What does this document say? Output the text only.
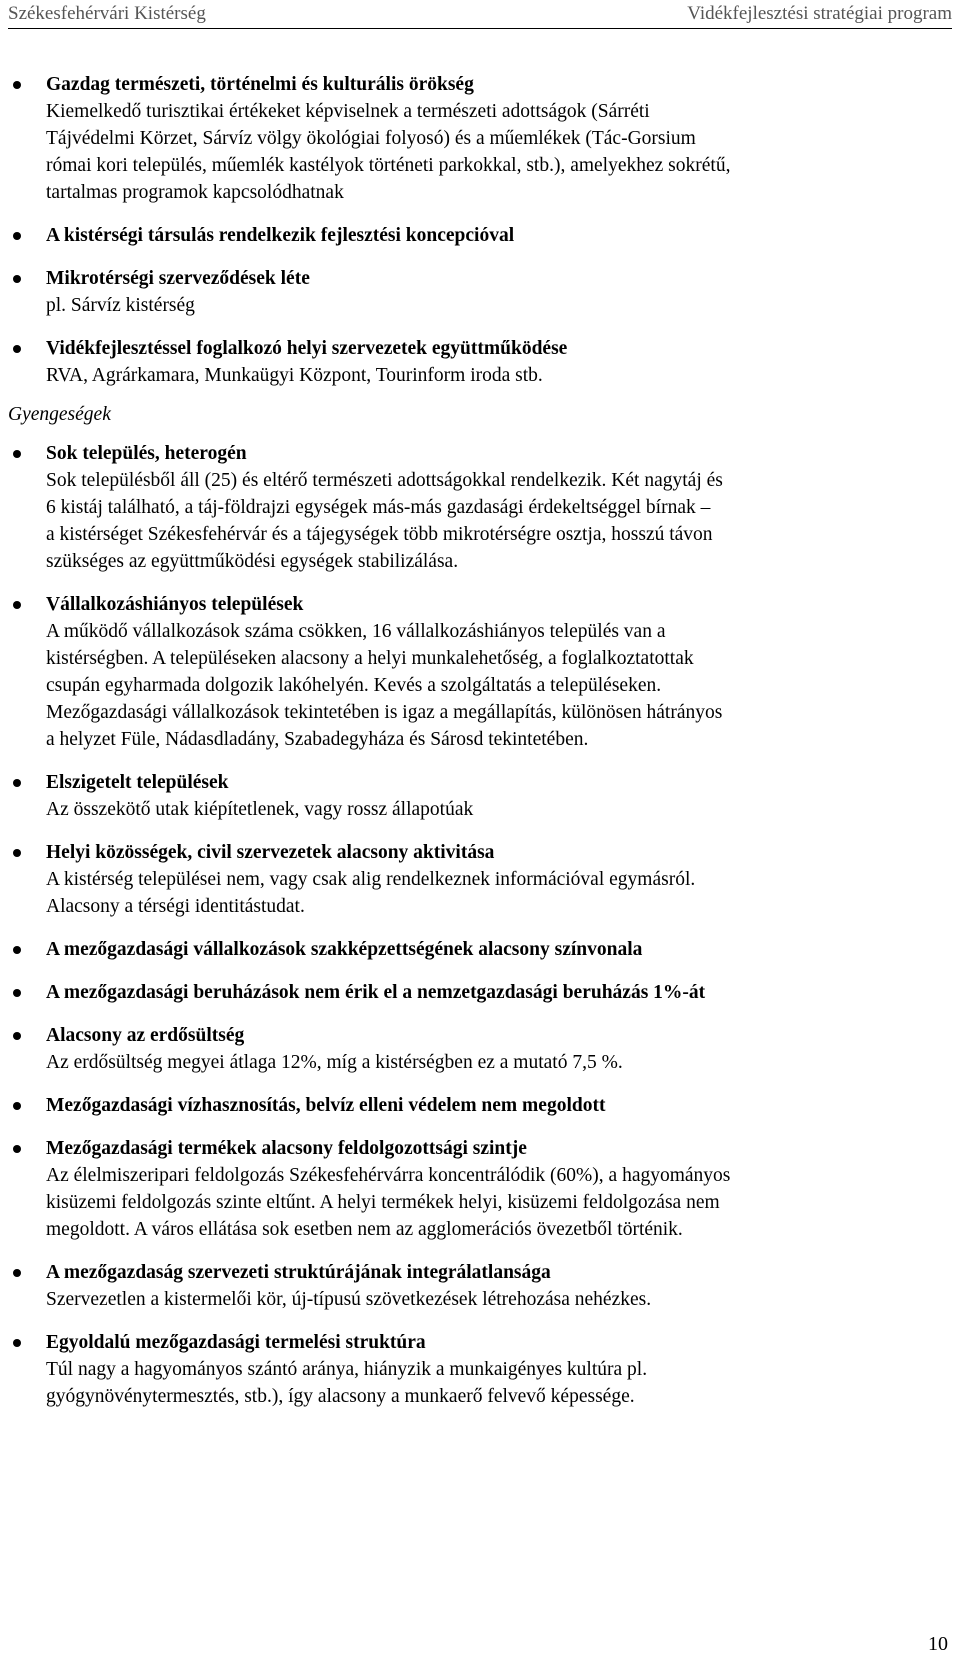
Székesfehérvári Kistérség	Vidékfejlesztési stratégiai program
Gazdag természeti, történelmi és kulturális örökség
Kiemelkedő turisztikai értékeket képviselnek a természeti adottságok (Sárréti
Tájvédelmi Körzet, Sárvíz völgy ökológiai folyosó) és a műemlékek (Tác-Gorsium
római kori település, műemlék kastélyok történeti parkokkal, stb.), amelyekhez sokrétű,
tartalmas programok kapcsolódhatnak
A kistérségi társulás rendelkezik fejlesztési koncepcióval
Mikrotérségi szerveződések léte
pl. Sárvíz kistérség
Vidékfejlesztéssel foglalkozó helyi szervezetek együttműködése
RVA, Agrárkamara, Munkaügyi Központ, Tourinform iroda stb.
Gyengeségek
Sok település, heterogén
Sok településből áll (25) és eltérő természeti adottságokkal rendelkezik. Két nagytáj és
6 kistáj található, a táj-földrajzi egységek más-más gazdasági érdekeltséggel bírnak –
a kistérséget Székesfehérvár és a tájegységek több mikrotérségre osztja, hosszú távon
szükséges az együttműködési egységek stabilizálása.
Vállalkozáshiányos települések
A működő vállalkozások száma csökken, 16 vállalkozáshiányos település van a
kistérségben. A településeken alacsony a helyi munkalehetőség, a foglalkoztatottak
csupán egyharmada dolgozik lakóhelyén. Kevés a szolgáltatás a településeken.
Mezőgazdasági vállalkozások tekintetében is igaz a megállapítás, különösen hátrányos
a helyzet Füle, Nádasdladány, Szabadegyháza és Sárosd tekintetében.
Elszigetelt települések
Az összekötő utak kiépítetlenek, vagy rossz állapotúak
Helyi közösségek, civil szervezetek alacsony aktivitása
A kistérség települései nem, vagy csak alig rendelkeznek információval egymásról.
Alacsony a térségi identitástudat.
A mezőgazdasági vállalkozások szakképzettségének alacsony színvonala
A mezőgazdasági beruházások nem érik el a nemzetgazdasági beruházás 1%-át
Alacsony az erdősültség
Az erdősültség megyei átlaga 12%, míg a kistérségben ez a mutató 7,5 %.
Mezőgazdasági vízhasznosítás, belvíz elleni védelem nem megoldott
Mezőgazdasági termékek alacsony feldolgozottsági szintje
Az élelmiszeripari feldolgozás Székesfehérvárra koncentrálódik (60%), a hagyományos
kisüzemi feldolgozás szinte eltűnt. A helyi termékek helyi, kisüzemi feldolgozása nem
megoldott. A város ellátása sok esetben nem az agglomerációs övezetből történik.
A mezőgazdaság szervezeti struktúrájának integrálatlansága
Szervezetlen a kistermelői kör, új-típusú szövetkezések létrehozása nehézkes.
Egyoldalú mezőgazdasági termelési struktúra
Túl nagy a hagyományos szántó aránya, hiányzik a munkaigényes kultúra pl.
gyógynövénytermesztés, stb.), így alacsony a munkaerő felvevő képessége.
10
